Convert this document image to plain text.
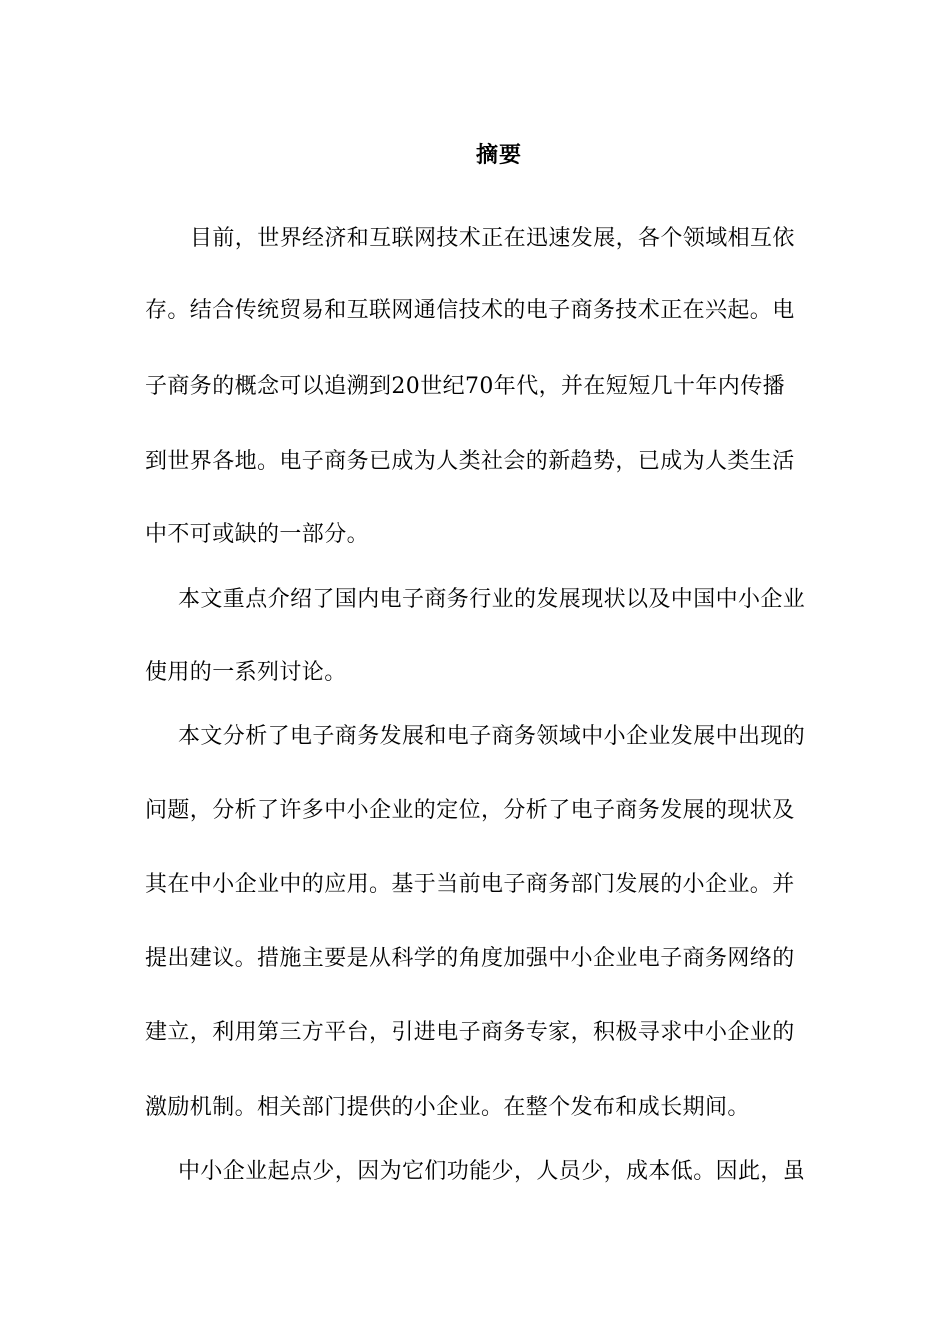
摘要
目前，世界经济和互联网技术正在迅速发展，各个领域相互依
存。结合传统贸易和互联网通信技术的电子商务技术正在兴起。电
子商务的概念可以追溯到20世纪70年代，并在短短几十年内传播
到世界各地。电子商务已成为人类社会的新趋势，已成为人类生活
中不可或缺的一部分。
本文重点介绍了国内电子商务行业的发展现状以及中国中小企业
使用的一系列讨论。
本文分析了电子商务发展和电子商务领域中小企业发展中出现的
问题，分析了许多中小企业的定位，分析了电子商务发展的现状及
其在中小企业中的应用。基于当前电子商务部门发展的小企业。并
提出建议。措施主要是从科学的角度加强中小企业电子商务网络的
建立，利用第三方平台，引进电子商务专家，积极寻求中小企业的
激励机制。相关部门提供的小企业。在整个发布和成长期间。
中小企业起点少，因为它们功能少，人员少，成本低。因此，虽
